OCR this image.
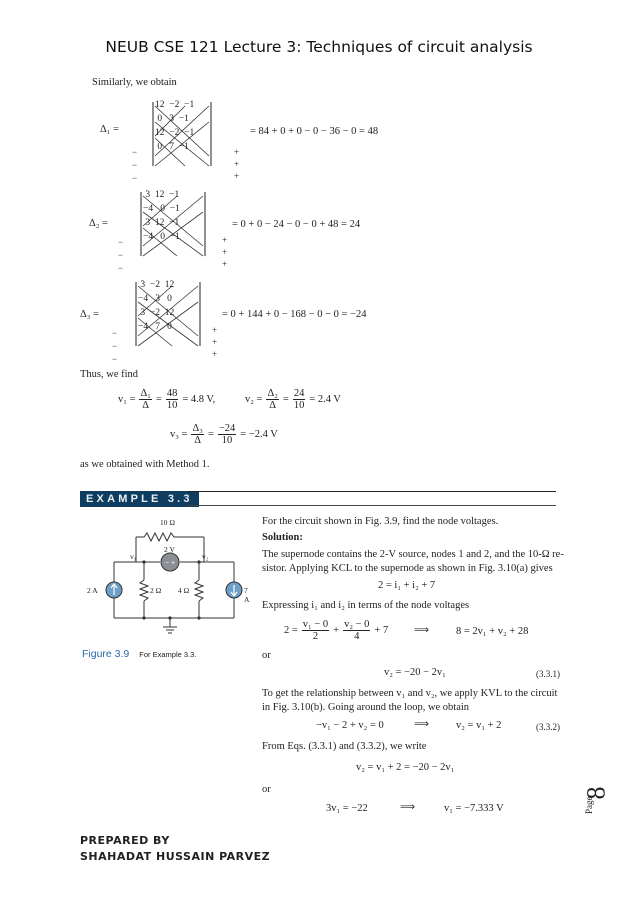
NEUB CSE 121 Lecture 3: Techniques of circuit analysis
Similarly, we obtain
Δ₁ =
12  −2  −1
0   3  −1
12  −2  −1
0   7  −1
= 84 + 0 + 0 − 0 − 36 − 0 = 48
−
−
−
+
+
+
Δ₂ =
3  12  −1
−4   0  −1
3  12  −1
−4   0  −1
= 0 + 0 − 24 − 0 − 0 + 48 = 24
−
−
−
+
+
+
Δ₃ =
3  −2  12
−4   3   0
3  −2  12
−4   7   0
= 0 + 144 + 0 − 168 − 0 − 0 = −24
−
−
−
+
+
+
Thus, we find
$v_1 = \frac{\text{Δ₁}}{\Delta} = \frac{48}{10} = 4.8$ V,	$v_2 = \frac{\text{Δ₂}}{\Delta} = \frac{24}{10} = 2.4$ V
$v_3 = \frac{\text{Δ₃}}{\Delta} = \frac{-24}{10} = -2.4$ V
as we obtained with Method 1.
EXAMPLE 3.3
− +
10 Ω
2 V
v₁	v₂
2 A	2 Ω 4 Ω	7 A
Figure 3.9 For Example 3.3.
For the circuit shown in Fig. 3.9, find the node voltages.
Solution:
The supernode contains the 2-V source, nodes 1 and 2, and the 10-Ω re-
sistor. Applying KCL to the supernode as shown in Fig. 3.10(a) gives
2 = i₁ + i₂ + 7
Expressing i₁ and i₂ in terms of the node voltages
$2 = \frac{\text{v₁ − 0}}{2} + \frac{\text{v₂ − 0}}{4} + 7$ ⟹	8 = 2v₁ + v₂ + 28
or
v₂ = −20 − 2v₁	(3.3.1)
To get the relationship between v₁ and v₂, we apply KVL to the circuit
in Fig. 3.10(b). Going around the loop, we obtain
−v₁ − 2 + v₂ = 0	⟹	v₂ = v₁ + 2	(3.3.2)
From Eqs. (3.3.1) and (3.3.2), we write
v₂ = v₁ + 2 = −20 − 2v₁
or
3v₁ = −22	⟹	v₁ = −7.333 V	Page
8
PREPARED BY
SHAHADAT HUSSAIN PARVEZ
